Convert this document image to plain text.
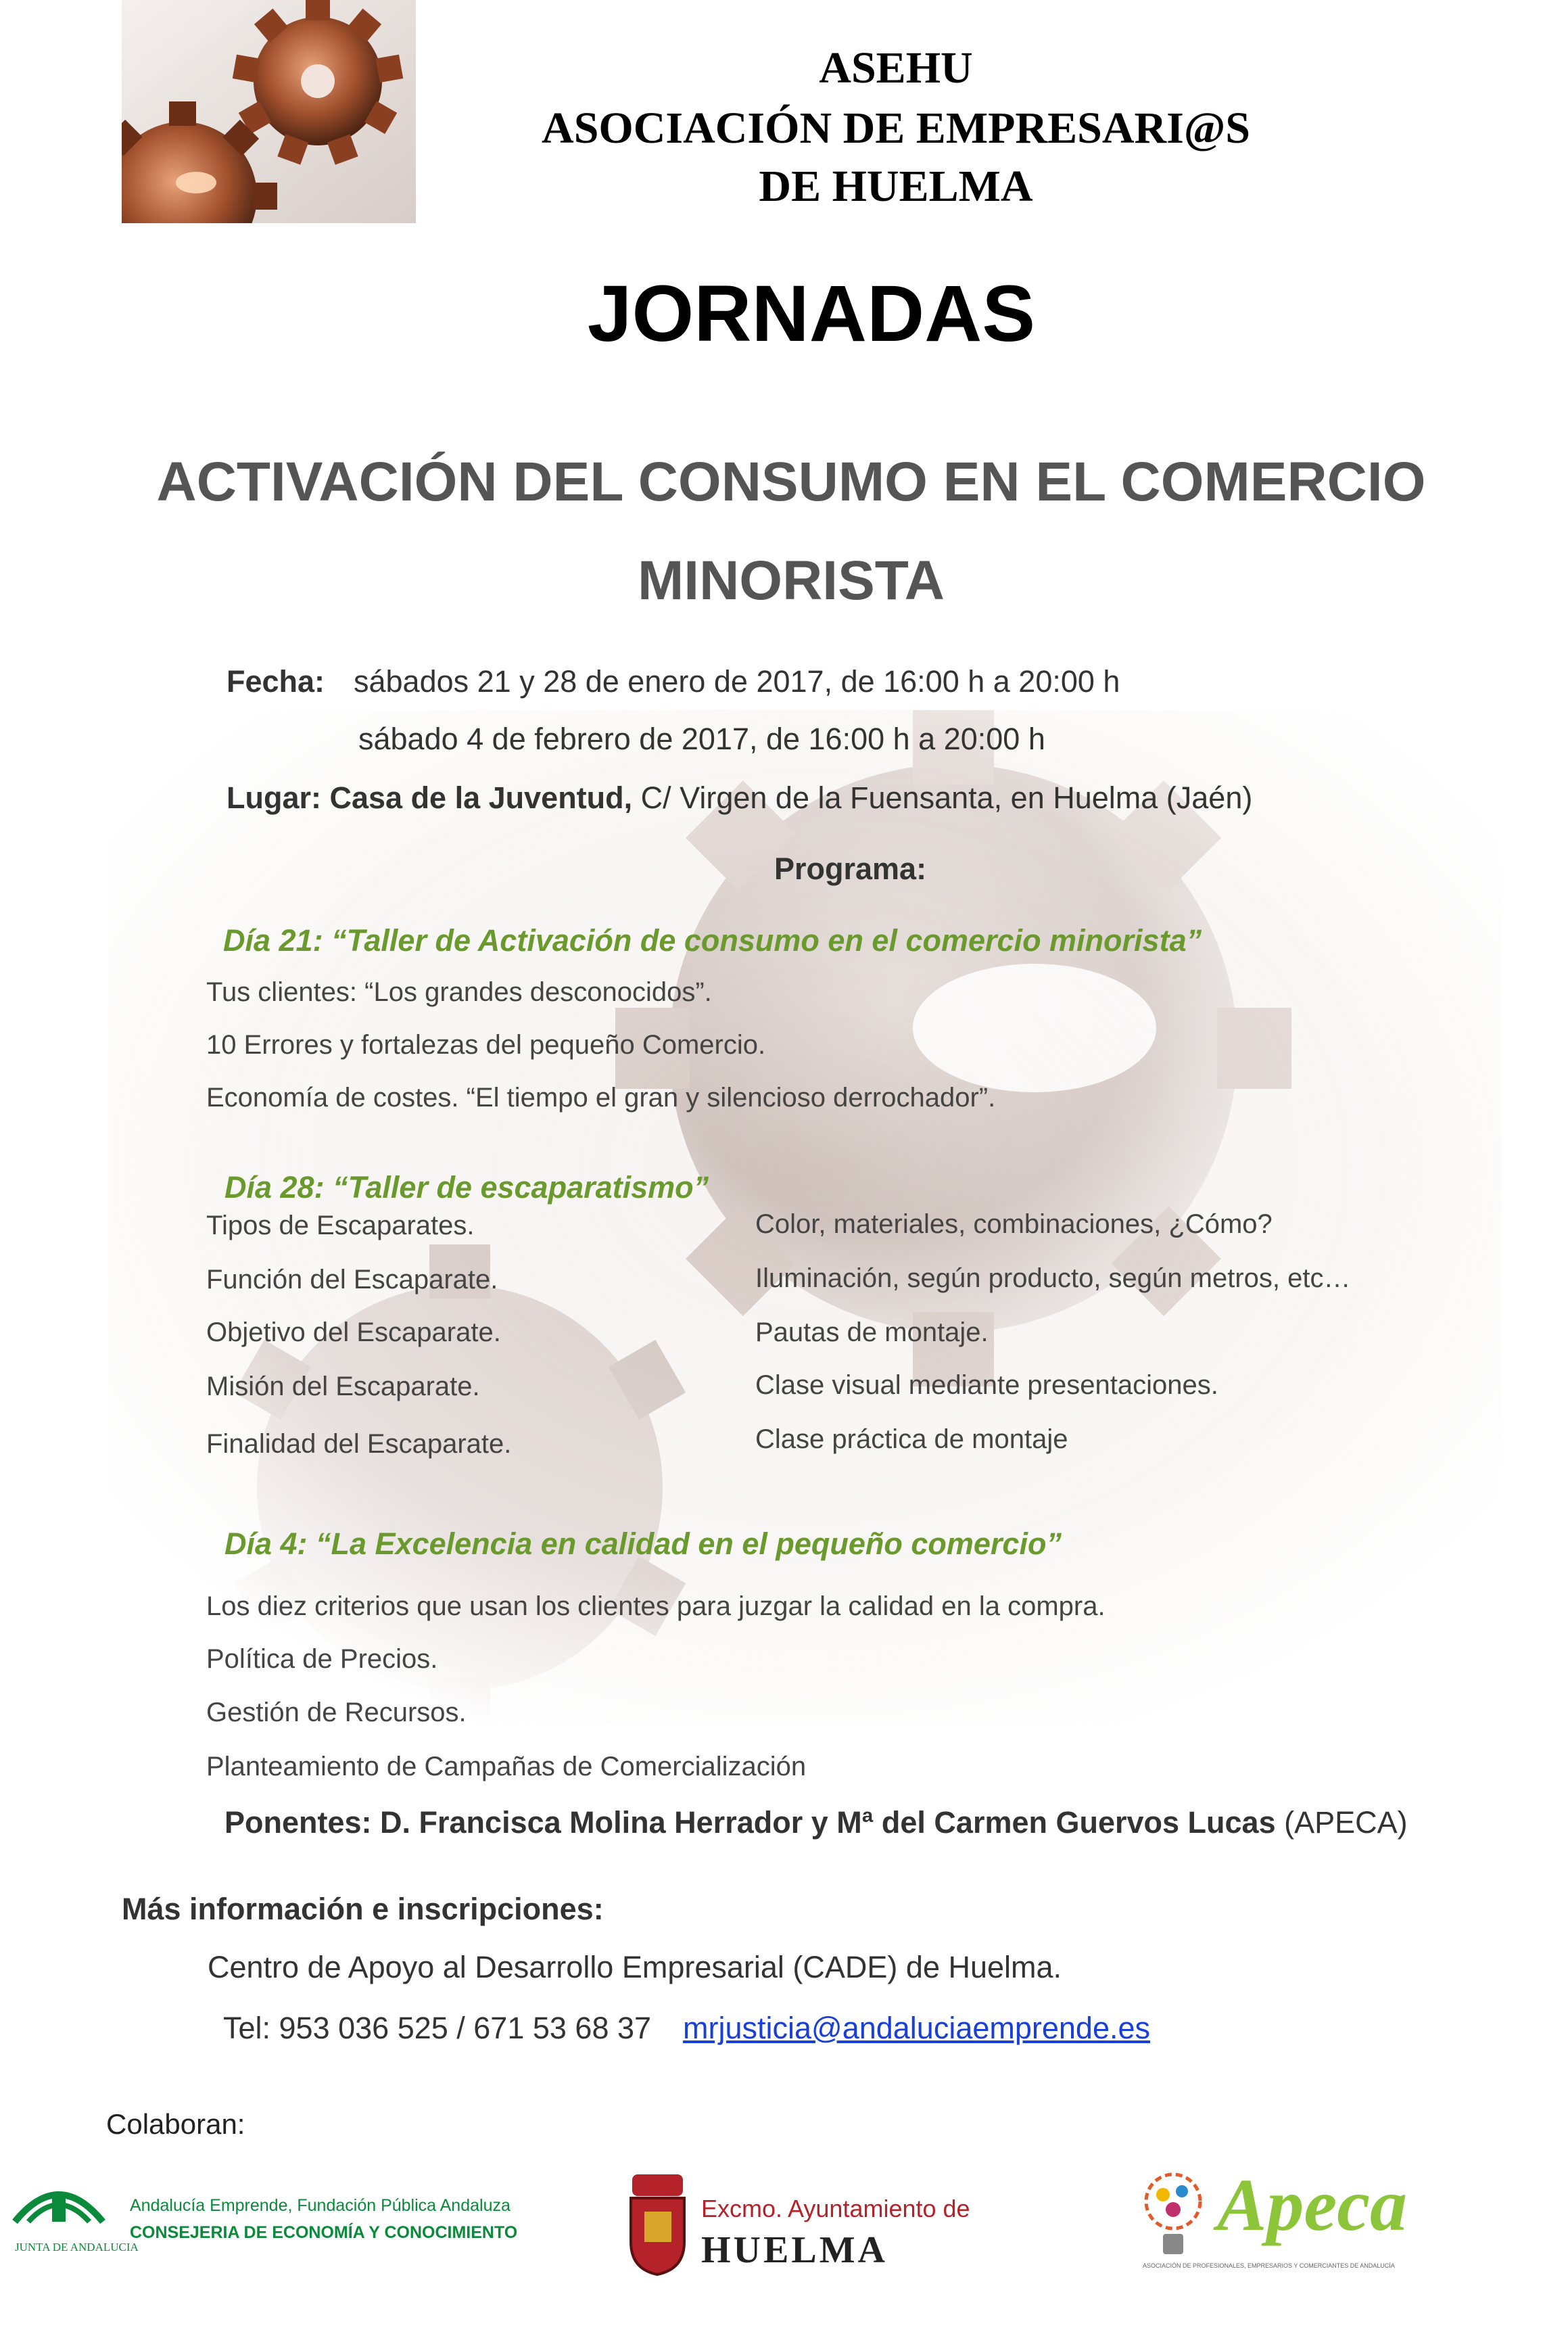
ASEHU
ASOCIACIÓN DE EMPRESARI@S
DE HUELMA
JORNADAS
ACTIVACIÓN DEL CONSUMO EN EL COMERCIO
MINORISTA
Fecha: sábados 21 y 28 de enero de 2017, de 16:00 h a 20:00 h
sábado 4 de febrero de 2017, de 16:00 h a 20:00 h
Lugar: Casa de la Juventud, C/ Virgen de la Fuensanta, en Huelma (Jaén)
Programa:
Día 21: “Taller de Activación de consumo en el comercio minorista”
Tus clientes: “Los grandes desconocidos”.
10 Errores y fortalezas del pequeño Comercio.
Economía de costes. “El tiempo el gran y silencioso derrochador”.
Día 28: “Taller de escaparatismo”
Tipos de Escaparates.
Función del Escaparate.
Objetivo del Escaparate.
Misión del Escaparate.
Finalidad del Escaparate.
Color, materiales, combinaciones, ¿Cómo?
Iluminación, según producto, según metros, etc…
Pautas de montaje.
Clase visual mediante presentaciones.
Clase práctica de montaje
Día 4: “La Excelencia en calidad en el pequeño comercio”
Los diez criterios que usan los clientes para juzgar la calidad en la compra.
Política de Precios.
Gestión de Recursos.
Planteamiento de Campañas de Comercialización
Ponentes: D. Francisca Molina Herrador y Mª del Carmen Guervos Lucas (APECA)
Más información e inscripciones:
Centro de Apoyo al Desarrollo Empresarial (CADE) de Huelma.
Tel: 953 036 525 / 671 53 68 37 mrjusticia@andaluciaemprende.es
Colaboran:
JUNTA DE ANDALUCIA
Andalucía Emprende, Fundación Pública Andaluza
CONSEJERIA DE ECONOMÍA Y CONOCIMIENTO
Excmo. Ayuntamiento de
HUELMA
Apeca
ASOCIACIÓN DE PROFESIONALES, EMPRESARIOS Y COMERCIANTES DE ANDALUCÍA
